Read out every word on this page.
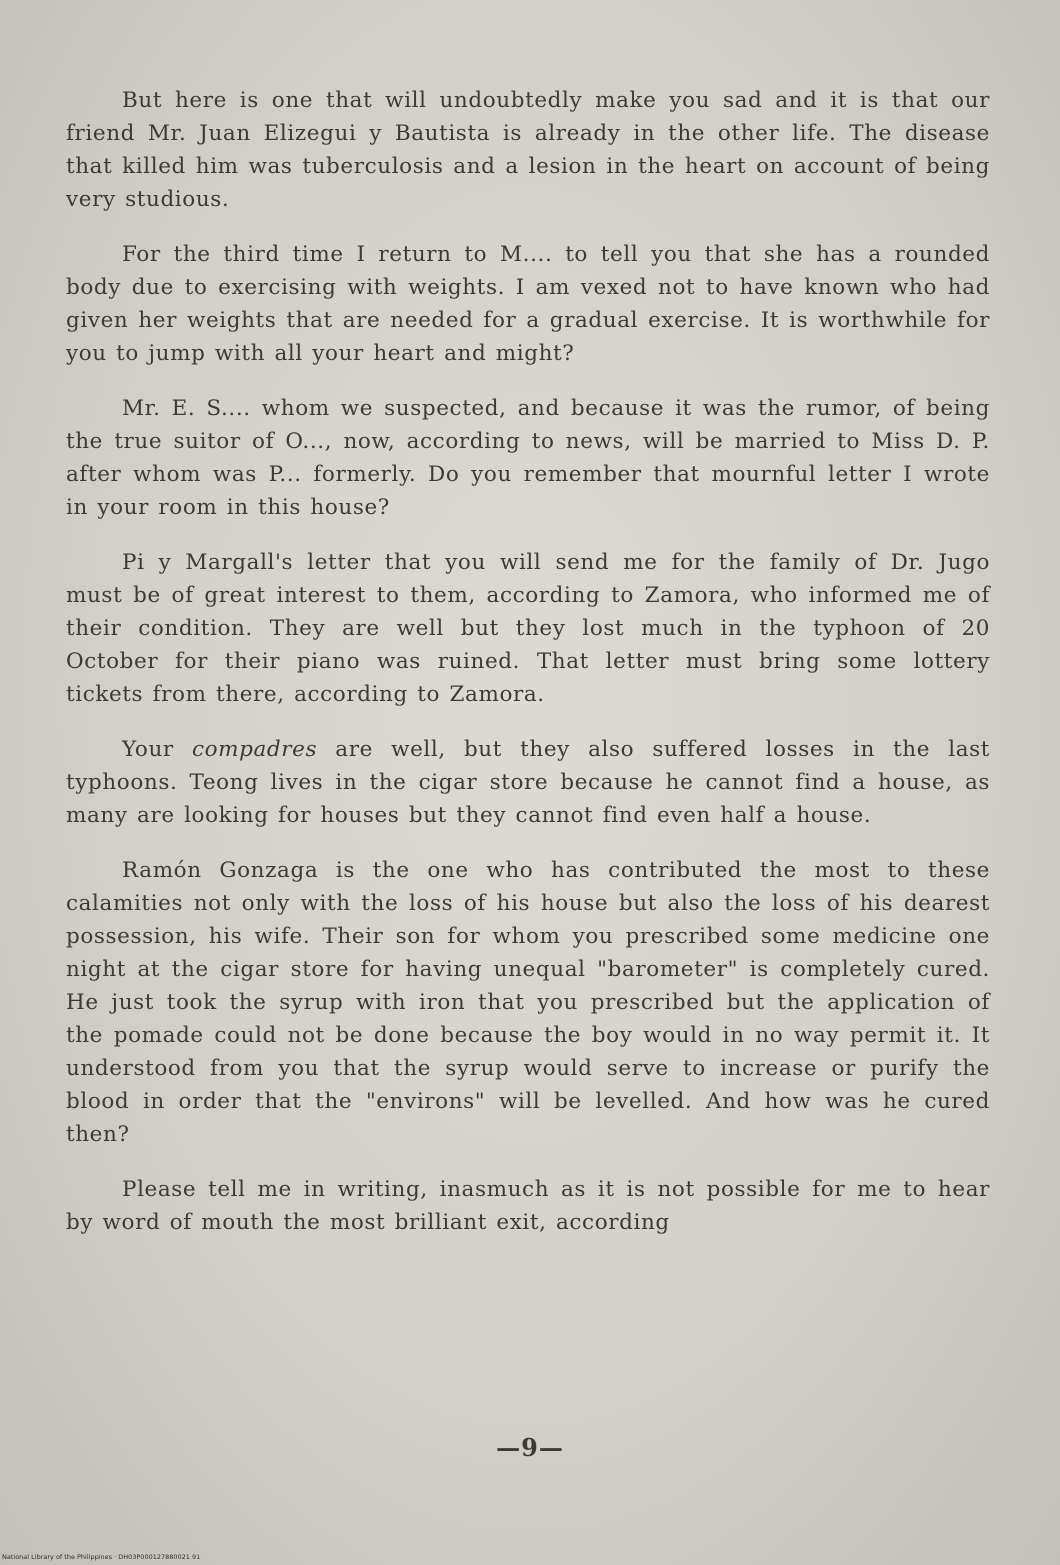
But here is one that will undoubtedly make you sad and it is that our friend Mr. Juan Elizegui y Bautista is already in the other life. The disease that killed him was tuberculosis and a lesion in the heart on account of being very studious.

For the third time I return to M.... to tell you that she has a rounded body due to exercising with weights. I am vexed not to have known who had given her weights that are needed for a gradual exercise. It is worthwhile for you to jump with all your heart and might?

Mr. E. S.... whom we suspected, and because it was the rumor, of being the true suitor of O..., now, according to news, will be married to Miss D. P. after whom was P... formerly. Do you remember that mournful letter I wrote in your room in this house?

Pi y Margall's letter that you will send me for the family of Dr. Jugo must be of great interest to them, according to Zamora, who informed me of their condition. They are well but they lost much in the typhoon of 20 October for their piano was ruined. That letter must bring some lottery tickets from there, according to Zamora.

Your compadres are well, but they also suffered losses in the last typhoons. Teong lives in the cigar store because he cannot find a house, as many are looking for houses but they cannot find even half a house.

Ramón Gonzaga is the one who has contributed the most to these calamities not only with the loss of his house but also the loss of his dearest possession, his wife. Their son for whom you prescribed some medicine one night at the cigar store for having unequal "barometer" is completely cured. He just took the syrup with iron that you prescribed but the application of the pomade could not be done because the boy would in no way permit it. It understood from you that the syrup would serve to increase or purify the blood in order that the "environs" will be levelled. And how was he cured then?

Please tell me in writing, inasmuch as it is not possible for me to hear by word of mouth the most brilliant exit, according

—9—
National Library of the Philippines · DH03P000127880021 91
